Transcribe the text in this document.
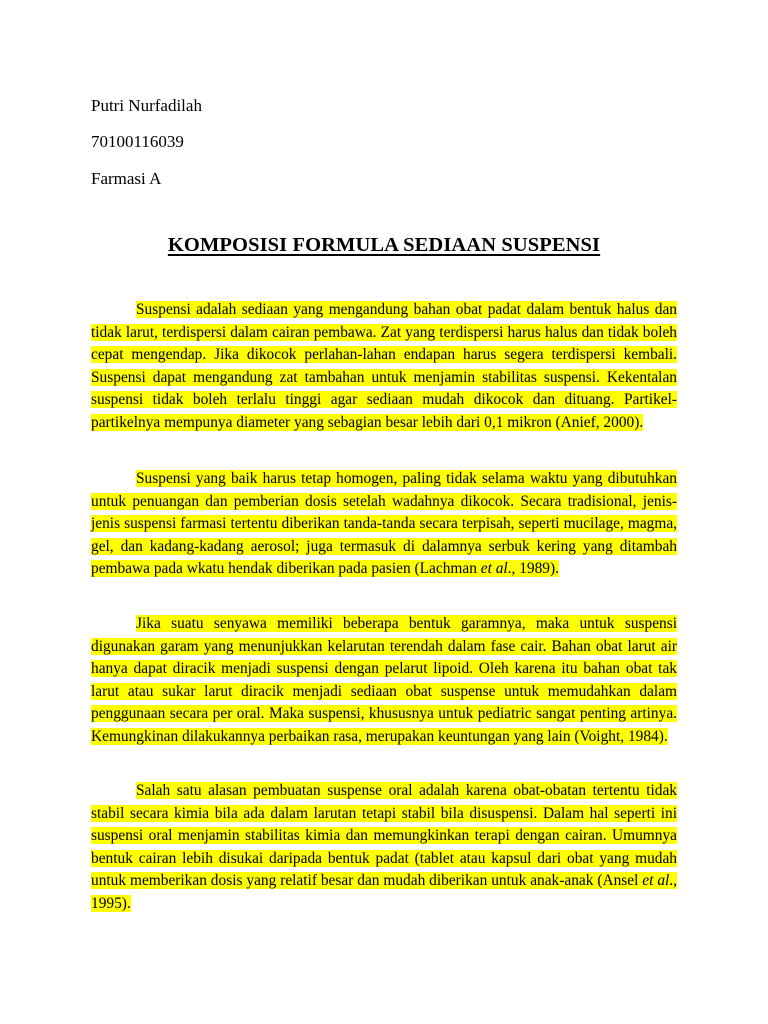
Putri Nurfadilah
70100116039
Farmasi A
KOMPOSISI FORMULA SEDIAAN SUSPENSI

Suspensi adalah sediaan yang mengandung bahan obat padat dalam bentuk halus dan tidak larut, terdispersi dalam cairan pembawa. Zat yang terdispersi harus halus dan tidak boleh cepat mengendap. Jika dikocok perlahan-lahan endapan harus segera terdispersi kembali. Suspensi dapat mengandung zat tambahan untuk menjamin stabilitas suspensi. Kekentalan suspensi tidak boleh terlalu tinggi agar sediaan mudah dikocok dan dituang. Partikel-partikelnya mempunya diameter yang sebagian besar lebih dari 0,1 mikron (Anief, 2000).

Suspensi yang baik harus tetap homogen, paling tidak selama waktu yang dibutuhkan untuk penuangan dan pemberian dosis setelah wadahnya dikocok. Secara tradisional, jenis-jenis suspensi farmasi tertentu diberikan tanda-tanda secara terpisah, seperti mucilage, magma, gel, dan kadang-kadang aerosol; juga termasuk di dalamnya serbuk kering yang ditambah pembawa pada wkatu hendak diberikan pada pasien (Lachman et al., 1989).

Jika suatu senyawa memiliki beberapa bentuk garamnya, maka untuk suspensi digunakan garam yang menunjukkan kelarutan terendah dalam fase cair. Bahan obat larut air hanya dapat diracik menjadi suspensi dengan pelarut lipoid. Oleh karena itu bahan obat tak larut atau sukar larut diracik menjadi sediaan obat suspense untuk memudahkan dalam penggunaan secara per oral. Maka suspensi, khususnya untuk pediatric sangat penting artinya. Kemungkinan dilakukannya perbaikan rasa, merupakan keuntungan yang lain (Voight, 1984).

Salah satu alasan pembuatan suspense oral adalah karena obat-obatan tertentu tidak stabil secara kimia bila ada dalam larutan tetapi stabil bila disuspensi. Dalam hal seperti ini suspensi oral menjamin stabilitas kimia dan memungkinkan terapi dengan cairan. Umumnya bentuk cairan lebih disukai daripada bentuk padat (tablet atau kapsul dari obat yang mudah untuk memberikan dosis yang relatif besar dan mudah diberikan untuk anak-anak (Ansel et al., 1995).
